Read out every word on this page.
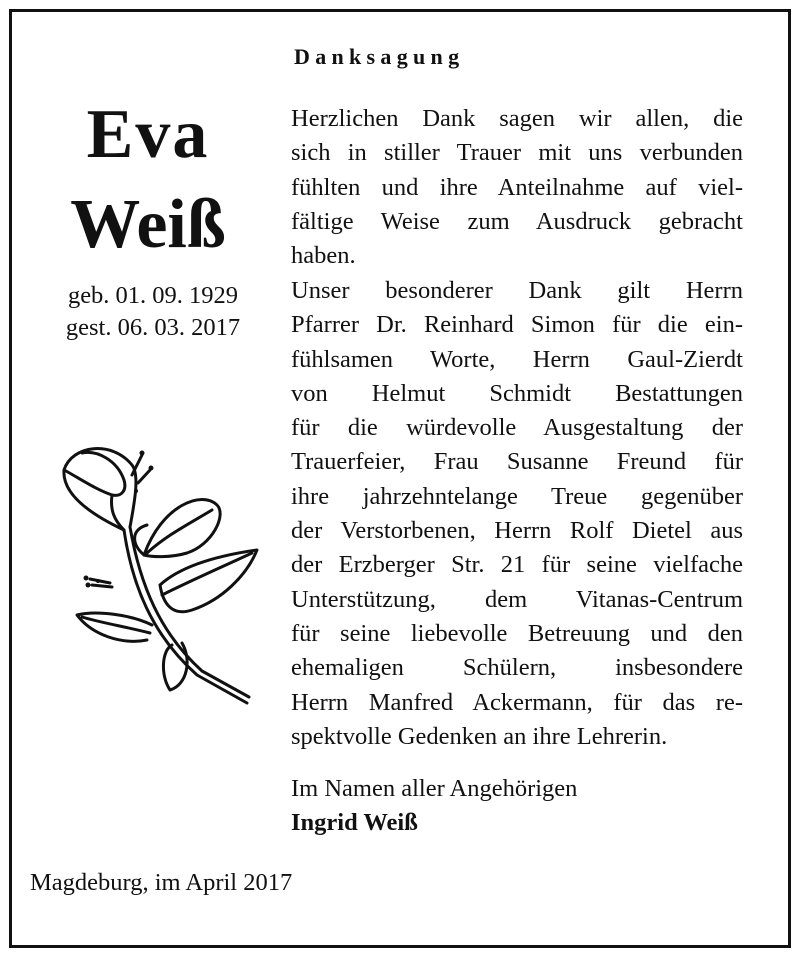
Danksagung
Eva
Weiß
geb. 01. 09. 1929
gest. 06. 03. 2017
Herzlichen Dank sagen wir allen, die
sich in stiller Trauer mit uns verbunden
fühlten und ihre Anteilnahme auf viel-
fältige Weise zum Ausdruck gebracht
haben.
Unser besonderer Dank gilt Herrn
Pfarrer Dr. Reinhard Simon für die ein-
fühlsamen Worte, Herrn Gaul-Zierdt
von Helmut Schmidt Bestattungen
für die würdevolle Ausgestaltung der
Trauerfeier, Frau Susanne Freund für
ihre jahrzehntelange Treue gegenüber
der Verstorbenen, Herrn Rolf Dietel aus
der Erzberger Str. 21 für seine vielfache
Unterstützung, dem Vitanas-Centrum
für seine liebevolle Betreuung und den
ehemaligen Schülern, insbesondere
Herrn Manfred Ackermann, für das re-
spektvolle Gedenken an ihre Lehrerin.
Im Namen aller Angehörigen
Ingrid Weiß
Magdeburg, im April 2017
